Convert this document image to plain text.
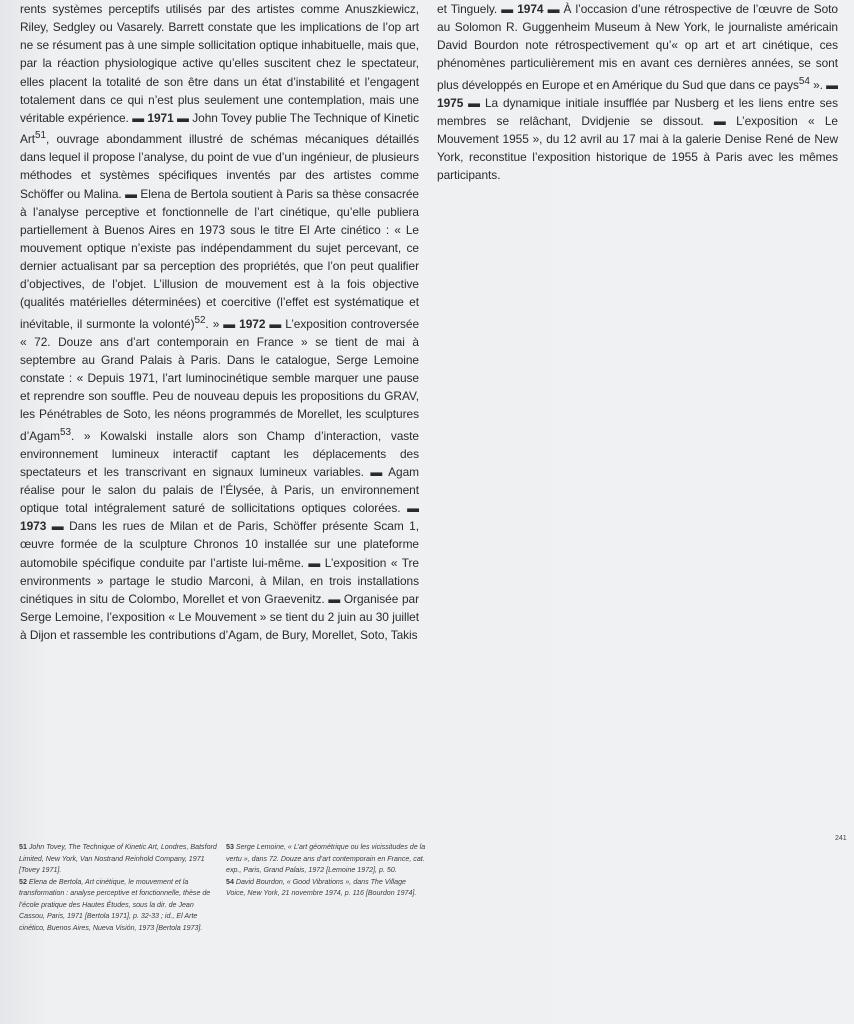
rents systèmes perceptifs utilisés par des artistes comme Anuszkiewicz, Riley, Sedgley ou Vasarely. Barrett constate que les implications de l’op art ne se résument pas à une simple sollicitation optique inhabituelle, mais que, par la réaction physiologique active qu’elles suscitent chez le spectateur, elles placent la totalité de son être dans un état d’instabilité et l’engagent totalement dans ce qui n’est plus seulement une contemplation, mais une véritable expérience. ▬ 1971 ▬ John Tovey publie The Technique of Kinetic Art$^{51}$, ouvrage abondamment illustré de schémas mécaniques détaillés dans lequel il propose l’analyse, du point de vue d’un ingénieur, de plusieurs méthodes et systèmes spécifiques inventés par des artistes comme Schöffer ou Malina. ▬ Elena de Bertola soutient à Paris sa thèse consacrée à l’analyse perceptive et fonctionnelle de l’art cinétique, qu’elle publiera partiellement à Buenos Aires en 1973 sous le titre El Arte cinético : « Le mouvement optique n’existe pas indépendamment du sujet percevant, ce dernier actualisant par sa perception des propriétés, que l’on peut qualifier d’objectives, de l’objet. L’illusion de mouvement est à la fois objective (qualités matérielles déterminées) et coercitive (l’effet est systématique et inévitable, il surmonte la volonté)$^{52}$. » ▬ 1972 ▬ L’exposition controversée « 72. Douze ans d’art contemporain en France » se tient de mai à septembre au Grand Palais à Paris. Dans le catalogue, Serge Lemoine constate : « Depuis 1971, l’art luminocinétique semble marquer une pause et reprendre son souffle. Peu de nouveau depuis les propositions du GRAV, les Pénétrables de Soto, les néons programmés de Morellet, les sculptures d’Agam$^{53}$. » Kowalski installe alors son Champ d’interaction, vaste environnement lumineux interactif captant les déplacements des spectateurs et les transcrivant en signaux lumineux variables. ▬ Agam réalise pour le salon du palais de l’Élysée, à Paris, un environnement optique total intégralement saturé de sollicitations optiques colorées. ▬ 1973 ▬ Dans les rues de Milan et de Paris, Schöffer présente Scam 1, œuvre formée de la sculpture Chronos 10 installée sur une plateforme automobile spécifique conduite par l’artiste lui-même. ▬ L’exposition « Tre environments » partage le studio Marconi, à Milan, en trois installations cinétiques in situ de Colombo, Morellet et von Graevenitz. ▬ Organisée par Serge Lemoine, l’exposition « Le Mouvement » se tient du 2 juin au 30 juillet à Dijon et rassemble les contributions d’Agam, de Bury, Morellet, Soto, Takis

et Tinguely. ▬ 1974 ▬ À l’occasion d’une rétrospective de l’œuvre de Soto au Solomon R. Guggenheim Museum à New York, le journaliste américain David Bourdon note rétrospectivement qu’« op art et art cinétique, ces phénomènes particulièrement mis en avant ces dernières années, se sont plus développés en Europe et en Amérique du Sud que dans ce pays$^{54}$ ». ▬ 1975 ▬ La dynamique initiale insufflée par Nusberg et les liens entre ses membres se relâchant, Dvidjenie se dissout. ▬ L’exposition « Le Mouvement 1955 », du 12 avril au 17 mai à la galerie Denise René de New York, reconstitue l’exposition historique de 1955 à Paris avec les mêmes participants.

51 John Tovey, The Technique of Kinetic Art, Londres, Batsford Limited, New York, Van Nostrand Reinhold Company, 1971 [Tovey 1971].

52 Elena de Bertola, Art cinétique, le mouvement et la transformation : analyse perceptive et fonctionnelle, thèse de l’école pratique des Hautes Études, sous la dir. de Jean Cassou, Paris, 1971 [Bertola 1971], p. 32-33 ; id., El Arte cinético, Buenos Aires, Nueva Visión, 1973 [Bertola 1973].

53 Serge Lemoine, « L’art géométrique ou les vicissitudes de la vertu », dans 72. Douze ans d’art contemporain en France, cat. exp., Paris, Grand Palais, 1972 [Lemoine 1972], p. 50.

54 David Bourdon, « Good Vibrations », dans The Village Voice, New York, 21 novembre 1974, p. 116 [Bourdon 1974].

241
